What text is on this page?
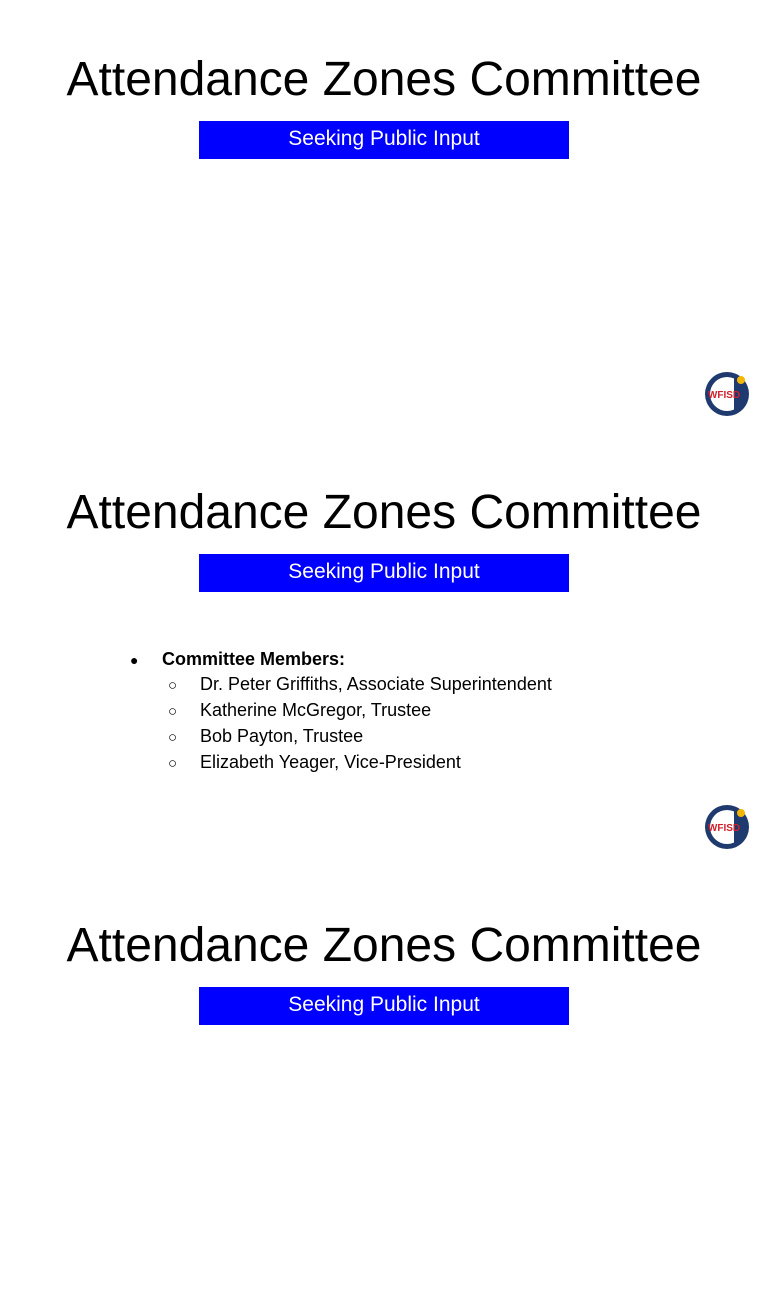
Attendance Zones Committee
Seeking Public Input
WFISD
Attendance Zones Committee
Seeking Public Input
●	Committee Members:
○	Dr. Peter Griffiths, Associate Superintendent
○	Katherine McGregor, Trustee
○	Bob Payton, Trustee
○	Elizabeth Yeager, Vice-President
WFISD
Attendance Zones Committee
Seeking Public Input
